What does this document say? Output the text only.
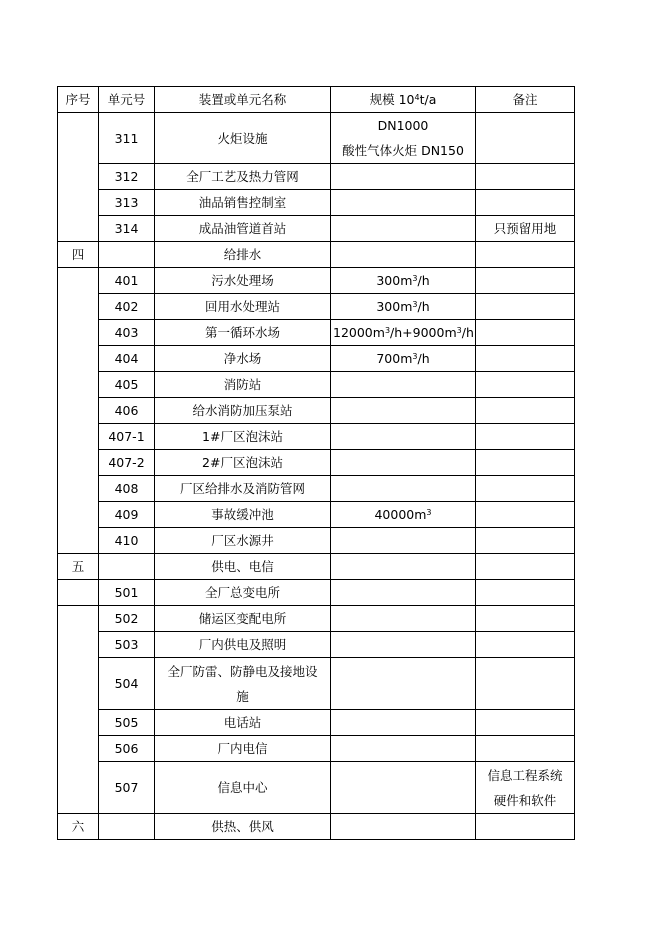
序号	单元号	装置或单元名称	规模 $10^4t/a$	备注
	311	火炬设施	DN1000
酸性气体火炬 DN150	

	312	全厂工艺及热力管网		
	313	油品销售控制室		
	314	成品油管道首站		只预留用地
四		给排水		
	401	污水处理场	$300m^3/h$	
	402	回用水处理站	$300m^3/h$	
	403	第一循环水场	$12000m^3/h+9000m^3/h$	
	404	净水场	$700m^3/h$	
	405	消防站		
	406	给水消防加压泵站		
	407-1	1#厂区泡沫站		
	407-2	2#厂区泡沫站		
	408	厂区给排水及消防管网		
	409	事故缓冲池	$40000m^3$	
	410	厂区水源井		
五		供电、电信		
	501	全厂总变电所		
	502	储运区变配电所		
	503	厂内供电及照明		
	504	全厂防雷、防静电及接地设
施		

	505	电话站		
	506	厂内电信		
	507	信息中心		信息工程系统
硬件和软件

六		供热、供风		
